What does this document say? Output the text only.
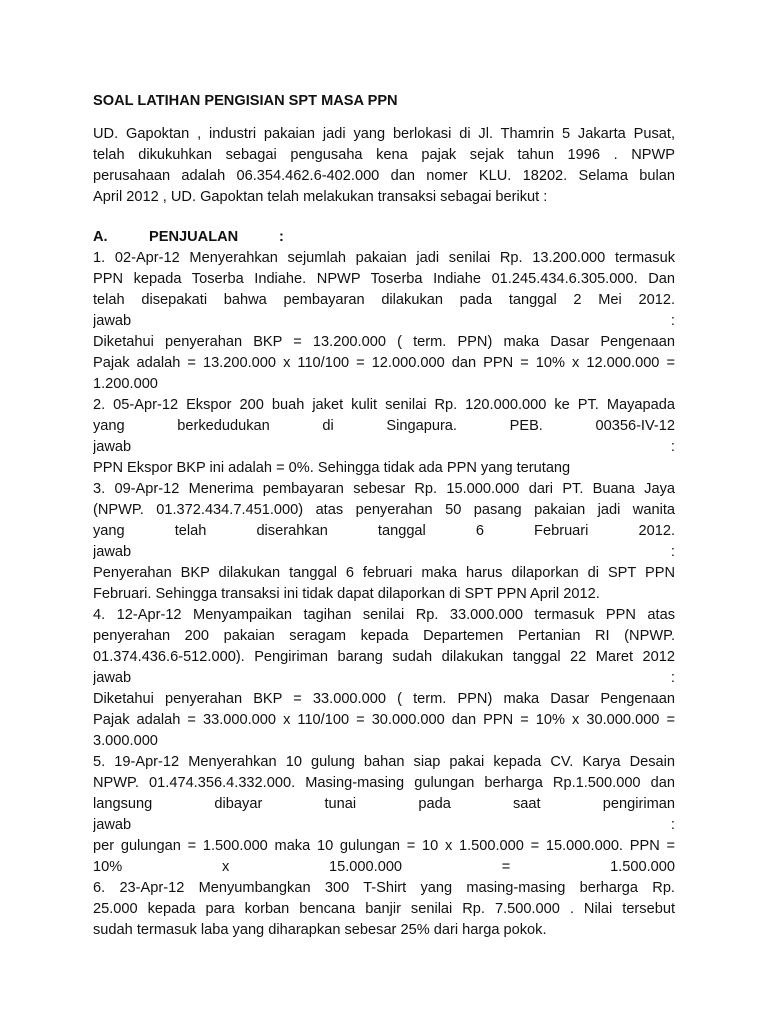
SOAL LATIHAN PENGISIAN SPT MASA PPN
UD. Gapoktan , industri pakaian jadi yang berlokasi di Jl. Thamrin 5 Jakarta Pusat,
telah dikukuhkan sebagai pengusaha kena pajak sejak tahun 1996 . NPWP
perusahaan adalah 06.354.462.6-402.000 dan nomer KLU. 18202. Selama bulan
April 2012 , UD. Gapoktan telah melakukan transaksi sebagai berikut :
A.	PENJUALAN	:
1. 02-Apr-12 Menyerahkan sejumlah pakaian jadi senilai Rp. 13.200.000 termasuk
PPN kepada Toserba Indiahe. NPWP Toserba Indiahe 01.245.434.6.305.000. Dan
telah disepakati bahwa pembayaran dilakukan pada tanggal 2 Mei 2012.
jawab :
Diketahui penyerahan BKP = 13.200.000 ( term. PPN) maka Dasar Pengenaan
Pajak adalah = 13.200.000 x 110/100 = 12.000.000 dan PPN = 10% x 12.000.000 =
1.200.000
2. 05-Apr-12 Ekspor 200 buah jaket kulit senilai Rp. 120.000.000 ke PT. Mayapada
yang berkedudukan di Singapura. PEB. 00356-IV-12
jawab :
PPN Ekspor BKP ini adalah = 0%. Sehingga tidak ada PPN yang terutang
3. 09-Apr-12 Menerima pembayaran sebesar Rp. 15.000.000 dari PT. Buana Jaya
(NPWP. 01.372.434.7.451.000) atas penyerahan 50 pasang pakaian jadi wanita
yang telah diserahkan tanggal 6 Februari 2012.
jawab :
Penyerahan BKP dilakukan tanggal 6 februari maka harus dilaporkan di SPT PPN
Februari. Sehingga transaksi ini tidak dapat dilaporkan di SPT PPN April 2012.
4. 12-Apr-12 Menyampaikan tagihan senilai Rp. 33.000.000 termasuk PPN atas
penyerahan 200 pakaian seragam kepada Departemen Pertanian RI (NPWP.
01.374.436.6-512.000). Pengiriman barang sudah dilakukan tanggal 22 Maret 2012
jawab :
Diketahui penyerahan BKP = 33.000.000 ( term. PPN) maka Dasar Pengenaan
Pajak adalah = 33.000.000 x 110/100 = 30.000.000 dan PPN = 10% x 30.000.000 =
3.000.000
5. 19-Apr-12 Menyerahkan 10 gulung bahan siap pakai kepada CV. Karya Desain
NPWP. 01.474.356.4.332.000. Masing-masing gulungan berharga Rp.1.500.000 dan
langsung dibayar tunai pada saat pengiriman
jawab :
per gulungan = 1.500.000 maka 10 gulungan = 10 x 1.500.000 = 15.000.000. PPN =
10% x 15.000.000 = 1.500.000
6. 23-Apr-12 Menyumbangkan 300 T-Shirt yang masing-masing berharga Rp.
25.000 kepada para korban bencana banjir senilai Rp. 7.500.000 . Nilai tersebut
sudah termasuk laba yang diharapkan sebesar 25% dari harga pokok.
